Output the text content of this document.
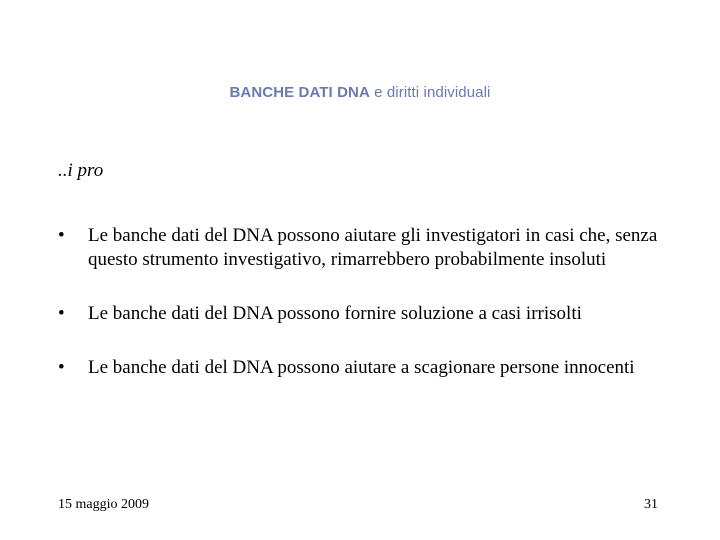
BANCHE DATI DNA e diritti individuali
..i pro
• Le banche dati del DNA possono aiutare gli investigatori in casi che, senza questo strumento investigativo, rimarrebbero probabilmente insoluti
• Le banche dati del DNA possono fornire soluzione a casi irrisolti
• Le banche dati del DNA possono aiutare a scagionare persone innocenti
15 maggio 2009	31
